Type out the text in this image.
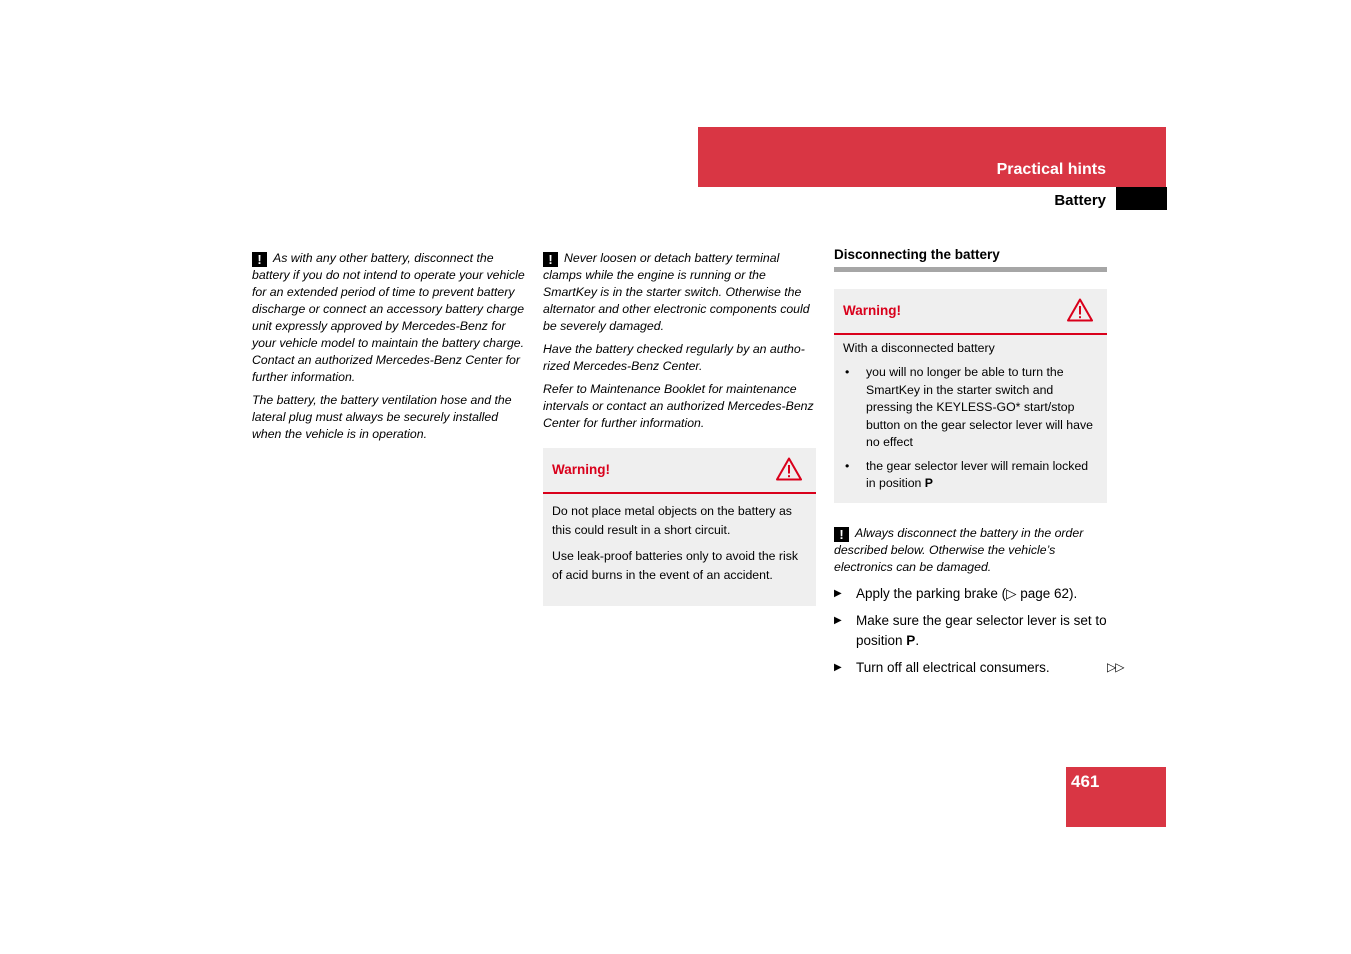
Practical hints
Battery

! As with any other battery, disconnect the battery if you do not intend to operate your vehicle for an extended period of time to prevent battery discharge or connect an accessory battery charge unit expressly approved by Mercedes-Benz for your vehicle model to maintain the battery charge. Contact an authorized Mercedes-Benz Center for further information.

The battery, the battery ventilation hose and the lateral plug must always be securely installed when the vehicle is in operation.

! Never loosen or detach battery terminal clamps while the engine is running or the SmartKey is in the starter switch. Otherwise the alternator and other electronic components could be severely damaged.

Have the battery checked regularly by an authorized Mercedes-Benz Center.

Refer to Maintenance Booklet for maintenance intervals or contact an authorized Mercedes-Benz Center for further information.

Warning!

Do not place metal objects on the battery as this could result in a short circuit.

Use leak-proof batteries only to avoid the risk of acid burns in the event of an accident.

Disconnecting the battery
Warning!
With a disconnected battery
• you will no longer be able to turn the SmartKey in the starter switch and pressing the KEYLESS-GO* start/stop button on the gear selector lever will have no effect
• the gear selector lever will remain locked in position P

! Always disconnect the battery in the order described below. Otherwise the vehicle’s electronics can be damaged.

▶ Apply the parking brake (▷ page 62).
▶ Make sure the gear selector lever is set to position P.
▶ Turn off all electrical consumers.	▷▷
461
